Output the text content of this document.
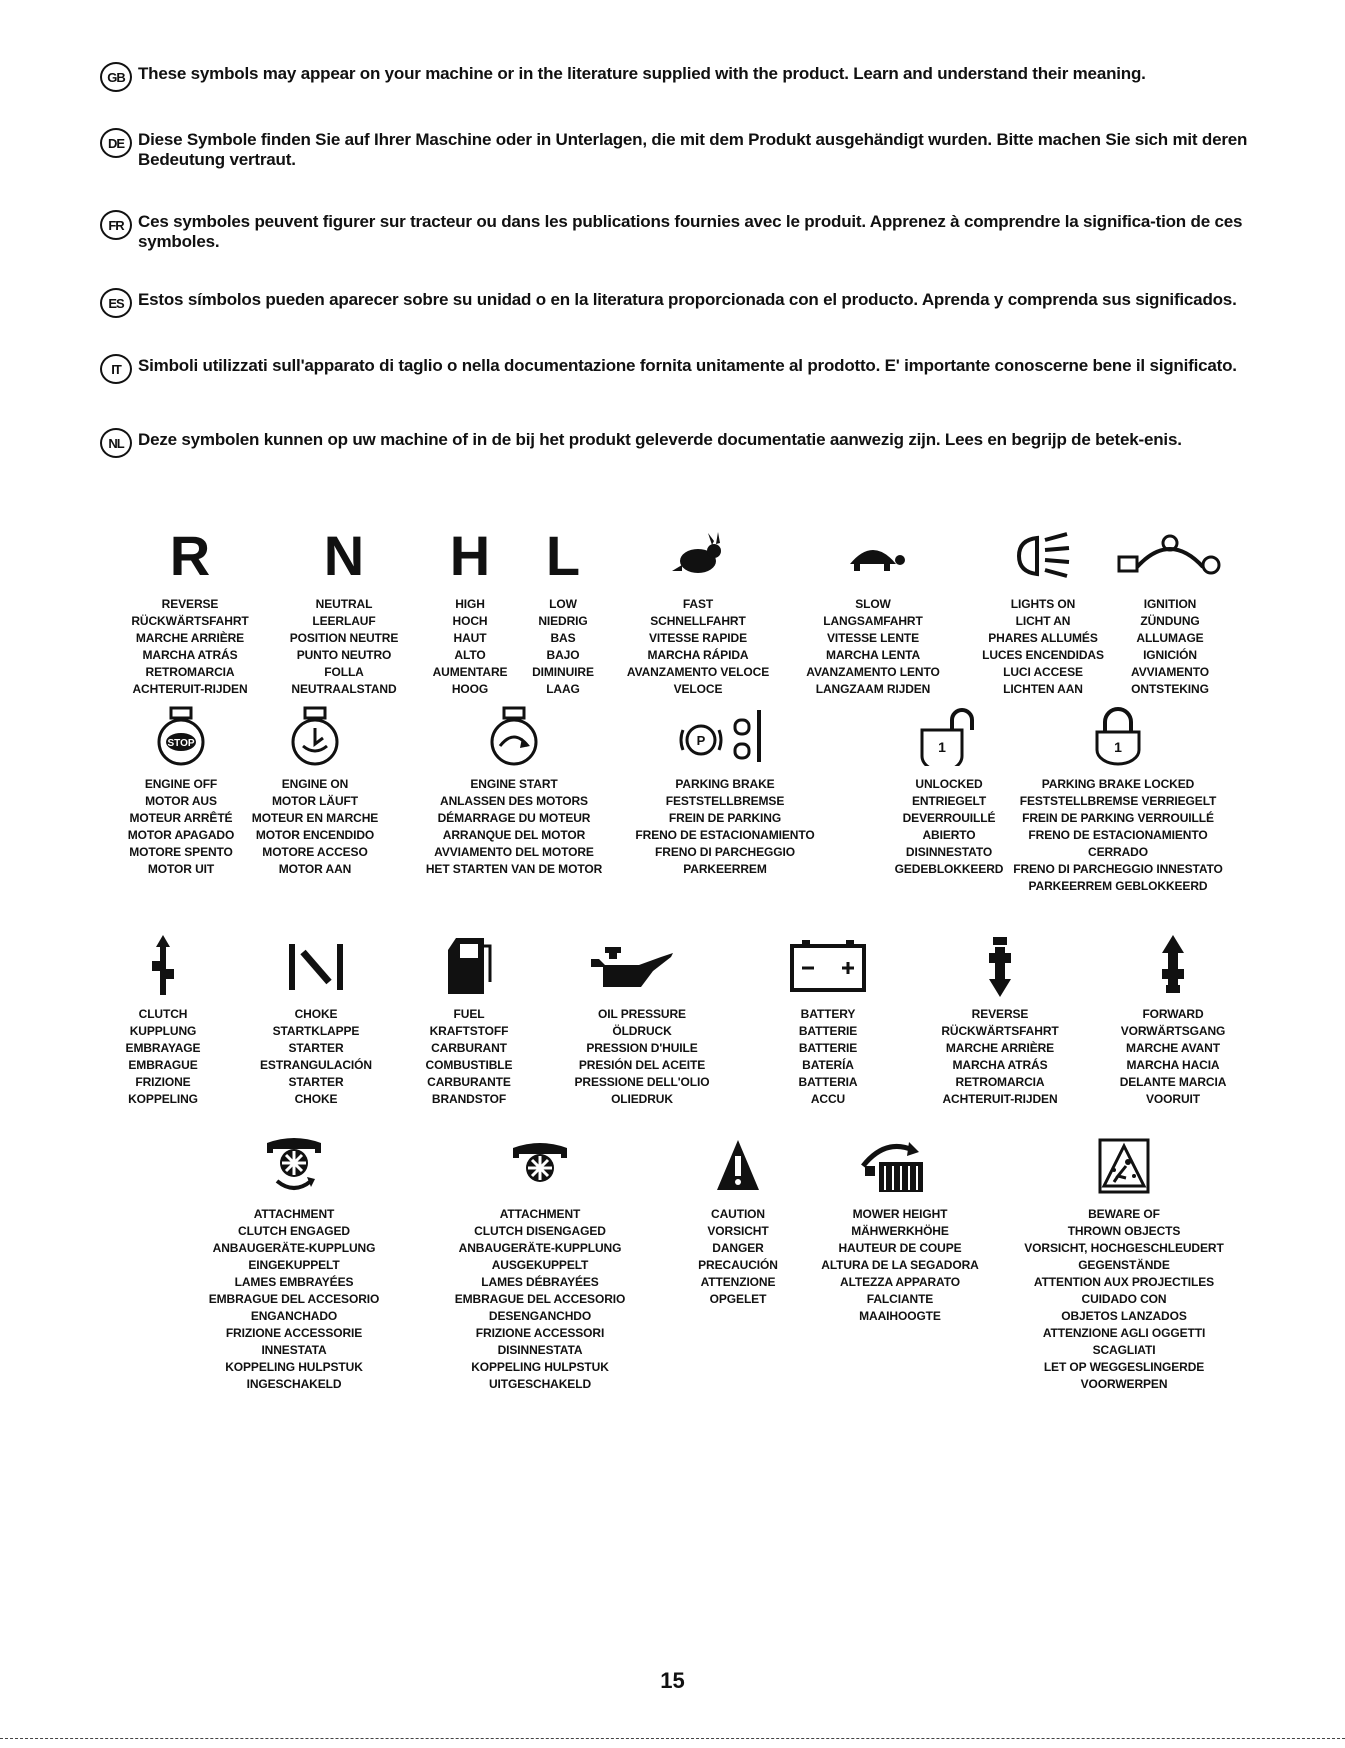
GB These symbols may appear on your machine or in the literature supplied with the product. Learn and understand their meaning.
DE Diese Symbole finden Sie auf Ihrer Maschine oder in Unterlagen, die mit dem Produkt ausgehändigt wurden. Bitte machen Sie sich mit deren Bedeutung vertraut.
FR Ces symboles peuvent figurer sur tracteur ou dans les publications fournies avec le produit. Apprenez à comprendre la significa-tion de ces symboles.
ES Estos símbolos pueden aparecer sobre su unidad o en la literatura proporcionada con el producto. Aprenda y comprenda sus significados.
IT	Simboli utilizzati sull'apparato di taglio o nella documentazione fornita unitamente al prodotto. E' importante conoscerne bene il significato.
NL Deze symbolen kunnen op uw machine of in de bij het produkt geleverde documentatie aanwezig zijn. Lees en begrijp de betek-enis.
R
REVERSE
RÜCKWÄRTSFAHRT
MARCHE ARRIÈRE
MARCHA ATRÁS
RETROMARCIA
ACHTERUIT-RIJDEN
N
NEUTRAL
LEERLAUF
POSITION NEUTRE
PUNTO NEUTRO
FOLLA
NEUTRAALSTAND
H
HIGH
HOCH
HAUT
ALTO
AUMENTARE
HOOG
L
LOW
NIEDRIG
BAS
BAJO
DIMINUIRE
LAAG
FAST
SCHNELLFAHRT
VITESSE RAPIDE
MARCHA RÁPIDA
AVANZAMENTO VELOCE
VELOCE
SLOW
LANGSAMFAHRT
VITESSE LENTE
MARCHA LENTA
AVANZAMENTO LENTO
LANGZAAM RIJDEN
LIGHTS ON
LICHT AN
PHARES ALLUMÉS
LUCES ENCENDIDAS
LUCI ACCESE
LICHTEN AAN
IGNITION
ZÜNDUNG
ALLUMAGE
IGNICIÓN
AVVIAMENTO
ONTSTEKING
STOP
ENGINE OFF
MOTOR AUS
MOTEUR ARRÊTÉ
MOTOR APAGADO
MOTORE SPENTO
MOTOR UIT
ENGINE ON
MOTOR LÄUFT
MOTEUR EN MARCHE
MOTOR ENCENDIDO
MOTORE ACCESO
MOTOR AAN
ENGINE START
ANLASSEN DES MOTORS
DÉMARRAGE DU MOTEUR
ARRANQUE DEL MOTOR
AVVIAMENTO DEL MOTORE
HET STARTEN VAN DE MOTOR
P
PARKING BRAKE
FESTSTELLBREMSE
FREIN DE PARKING
FRENO DE ESTACIONAMIENTO
FRENO DI PARCHEGGIO
PARKEERREM
1
UNLOCKED
ENTRIEGELT
DEVERROUILLÉ
ABIERTO
DISINNESTATO
GEDEBLOKKEERD
1
PARKING BRAKE LOCKED
FESTSTELLBREMSE VERRIEGELT
FREIN DE PARKING VERROUILLÉ
FRENO DE ESTACIONAMIENTO
CERRADO
FRENO DI PARCHEGGIO INNESTATO
PARKEERREM GEBLOKKEERD
CLUTCH
KUPPLUNG
EMBRAYAGE
EMBRAGUE
FRIZIONE
KOPPELING
CHOKE
STARTKLAPPE
STARTER
ESTRANGULACIÓN
STARTER
CHOKE
FUEL
KRAFTSTOFF
CARBURANT
COMBUSTIBLE
CARBURANTE
BRANDSTOF
OIL PRESSURE
ÖLDRUCK
PRESSION D'HUILE
PRESIÓN DEL ACEITE
PRESSIONE DELL'OLIO
OLIEDRUK
BATTERY
BATTERIE
BATTERIE
BATERÍA
BATTERIA
ACCU
REVERSE
RÜCKWÄRTSFAHRT
MARCHE ARRIÈRE
MARCHA ATRÁS
RETROMARCIA
ACHTERUIT-RIJDEN
FORWARD
VORWÄRTSGANG
MARCHE AVANT
MARCHA HACIA
DELANTE MARCIA
VOORUIT
ATTACHMENT
CLUTCH ENGAGED
ANBAUGERÄTE-KUPPLUNG
EINGEKUPPELT
LAMES EMBRAYÉES
EMBRAGUE DEL ACCESORIO
ENGANCHADO
FRIZIONE ACCESSORIE
INNESTATA
KOPPELING HULPSTUK
INGESCHAKELD
ATTACHMENT
CLUTCH DISENGAGED
ANBAUGERÄTE-KUPPLUNG
AUSGEKUPPELT
LAMES DÉBRAYÉES
EMBRAGUE DEL ACCESORIO
DESENGANCHDO
FRIZIONE ACCESSORI
DISINNESTATA
KOPPELING HULPSTUK
UITGESCHAKELD
CAUTION
VORSICHT
DANGER
PRECAUCIÓN
ATTENZIONE
OPGELET
MOWER HEIGHT
MÄHWERKHÖHE
HAUTEUR DE COUPE
ALTURA DE LA SEGADORA
ALTEZZA APPARATO
FALCIANTE
MAAIHOOGTE
BEWARE OF
THROWN OBJECTS
VORSICHT, HOCHGESCHLEUDERT
GEGENSTÄNDE
ATTENTION AUX PROJECTILES
CUIDADO CON
OBJETOS LANZADOS
ATTENZIONE AGLI OGGETTI
SCAGLIATI
LET OP WEGGESLINGERDE
VOORWERPEN
15
